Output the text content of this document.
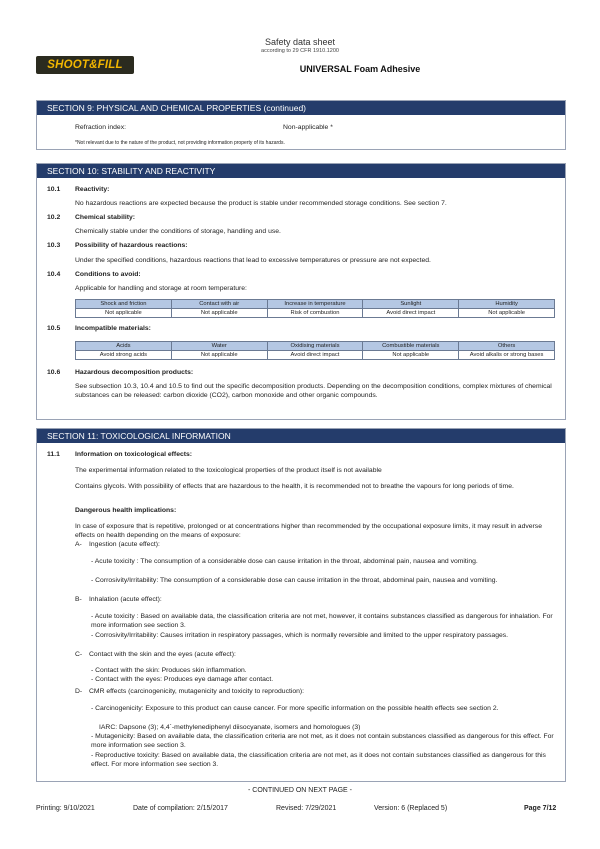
SHOOT&FILL
Safety data sheet
according to 29 CFR 1910.1200
UNIVERSAL Foam Adhesive
SECTION 9: PHYSICAL AND CHEMICAL PROPERTIES (continued)
Refraction index:	Non-applicable *
*Not relevant due to the nature of the product, not providing information property of its hazards.
SECTION 10: STABILITY AND REACTIVITY
10.1 Reactivity:
No hazardous reactions are expected because the product is stable under recommended storage conditions. See section 7.
10.2 Chemical stability:
Chemically stable under the conditions of storage, handling and use.
10.3 Possibility of hazardous reactions:
Under the specified conditions, hazardous reactions that lead to excessive temperatures or pressure are not expected.
10.4 Conditions to avoid:
Applicable for handling and storage at room temperature:
Shock and friction	Contact with air	Increase in temperature	Sunlight	Humidity
Not applicable	Not applicable	Risk of combustion	Avoid direct impact	Not applicable
10.5 Incompatible materials:
Acids	Water	Oxidising materials	Combustible materials	Others
Avoid strong acids	Not applicable	Avoid direct impact	Not applicable	Avoid alkalis or strong bases
10.6 Hazardous decomposition products:
See subsection 10.3, 10.4 and 10.5 to find out the specific decomposition products. Depending on the decomposition conditions, complex mixtures of chemical substances can be released: carbon dioxide (CO2), carbon monoxide and other organic compounds.
SECTION 11: TOXICOLOGICAL INFORMATION
11.1 Information on toxicological effects:
The experimental information related to the toxicological properties of the product itself is not available
Contains glycols. With possibility of effects that are hazardous to the health, it is recommended not to breathe the vapours for long periods of time.
Dangerous health implications:
In case of exposure that is repetitive, prolonged or at concentrations higher than recommended by the occupational exposure limits, it may result in adverse effects on health depending on the means of exposure:
A- Ingestion (acute effect):
- Acute toxicity : The consumption of a considerable dose can cause irritation in the throat, abdominal pain, nausea and vomiting.
- Corrosivity/Irritability: The consumption of a considerable dose can cause irritation in the throat, abdominal pain, nausea and vomiting.
B- Inhalation (acute effect):
- Acute toxicity : Based on available data, the classification criteria are not met, however, it contains substances classified as dangerous for inhalation. For more information see section 3.
- Corrosivity/Irritability: Causes irritation in respiratory passages, which is normally reversible and limited to the upper respiratory passages.
C- Contact with the skin and the eyes (acute effect):
- Contact with the skin: Produces skin inflammation.
- Contact with the eyes: Produces eye damage after contact.
D- CMR effects (carcinogenicity, mutagenicity and toxicity to reproduction):
- Carcinogenicity: Exposure to this product can cause cancer. For more specific information on the possible health effects see section 2.
IARC: Dapsone (3); 4,4´-methylenediphenyl diisocyanate, isomers and homologues (3)
- Mutagenicity: Based on available data, the classification criteria are not met, as it does not contain substances classified as dangerous for this effect. For more information see section 3.
- Reproductive toxicity: Based on available data, the classification criteria are not met, as it does not contain substances classified as dangerous for this effect. For more information see section 3.
- CONTINUED ON NEXT PAGE -
Printing: 9/10/2021	Date of compilation: 2/15/2017	Revised: 7/29/2021	Version: 6 (Replaced 5)	Page 7/12
